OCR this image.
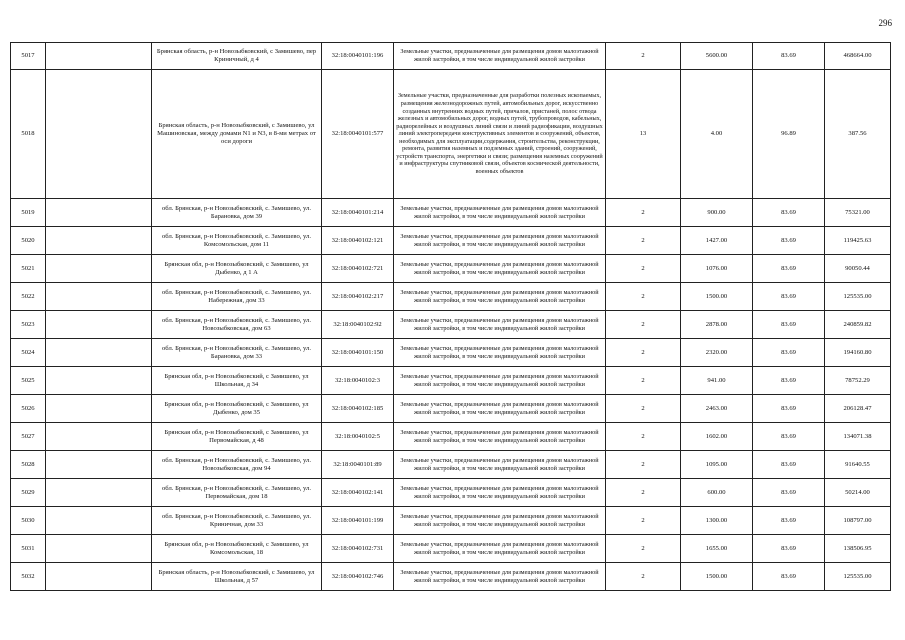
296
5017		Брянская область, р-н Новозыбковский, с Замишево, пер Криничный, д 4	32:18:0040101:196	Земельные участки, предназначенные для размещения домов малоэтажной жилой застройки, в том числе индивидуальной жилой застройки	2	5600.00	83.69	468664.00
5018		Брянская область, р-н Новозыбковский, с Замишево, ул Машиновская, между домами N1 и N3, в 8-ми метрах от оси дороги	32:18:0040101:577	Земельные участки, предназначенные для разработки полезных ископаемых, размещения железнодорожных путей, автомобильных дорог, искусственно созданных внутренних водных путей, причалов, пристаней, полос отвода железных и автомобильных дорог, водных путей, трубопроводов, кабельных, радиорелейных и воздушных линий связи и линий радиофикации, воздушных линий электропередачи конструктивных элементов и сооружений, объектов, необходимых для эксплуатации,содержания, строительства, реконструкции, ремонта, развития наземных и подземных зданий, строений, сооружений, устройств транспорта, энергетики и связи; размещения наземных сооружений и инфраструктуры спутниковой связи, объектов космической деятельности, военных объектов	13	4.00	96.89	387.56
5019		обл. Брянская, р-н Новозыбковский, с. Замишево, ул. Барановка, дом 39	32:18:0040101:214	Земельные участки, предназначенные для размещения домов малоэтажной жилой застройки, в том числе индивидуальной жилой застройки	2	900.00	83.69	75321.00
5020		обл. Брянская, р-н Новозыбковский, с. Замишево, ул. Комсомольская, дом 11	32:18:0040102:121	Земельные участки, предназначенные для размещения домов малоэтажной жилой застройки, в том числе индивидуальной жилой застройки	2	1427.00	83.69	119425.63
5021		Брянская обл, р-н Новозыбковский, с Замишево, ул Дыбенко, д 1 А	32:18:0040102:721	Земельные участки, предназначенные для размещения домов малоэтажной жилой застройки, в том числе индивидуальной жилой застройки	2	1076.00	83.69	90050.44
5022		обл. Брянская, р-н Новозыбковский, с. Замишево, ул. Набережная, дом 33	32:18:0040102:217	Земельные участки, предназначенные для размещения домов малоэтажной жилой застройки, в том числе индивидуальной жилой застройки	2	1500.00	83.69	125535.00
5023		обл. Брянская, р-н Новозыбковский, с. Замишево, ул. Новозыбковская, дом 63	32:18:0040102:92	Земельные участки, предназначенные для размещения домов малоэтажной жилой застройки, в том числе индивидуальной жилой застройки	2	2878.00	83.69	240859.82
5024		обл. Брянская, р-н Новозыбковский, с. Замишево, ул. Барановка, дом 33	32:18:0040101:150	Земельные участки, предназначенные для размещения домов малоэтажной жилой застройки, в том числе индивидуальной жилой застройки	2	2320.00	83.69	194160.80
5025		Брянская обл, р-н Новозыбковский, с Замишево, ул Школьная, д 34	32:18:0040102:3	Земельные участки, предназначенные для размещения домов малоэтажной жилой застройки, в том числе индивидуальной жилой застройки	2	941.00	83.69	78752.29
5026		Брянская обл, р-н Новозыбковский, с Замишево, ул Дыбенко, дом 35	32:18:0040102:185	Земельные участки, предназначенные для размещения домов малоэтажной жилой застройки, в том числе индивидуальной жилой застройки	2	2463.00	83.69	206128.47
5027		Брянская обл, р-н Новозыбковский, с Замишево, ул Первомайская, д 48	32:18:0040102:5	Земельные участки, предназначенные для размещения домов малоэтажной жилой застройки, в том числе индивидуальной жилой застройки	2	1602.00	83.69	134071.38
5028		обл. Брянская, р-н Новозыбковский, с. Замишево, ул. Новозыбковская, дом 94	32:18:0040101:89	Земельные участки, предназначенные для размещения домов малоэтажной жилой застройки, в том числе индивидуальной жилой застройки	2	1095.00	83.69	91640.55
5029		обл. Брянская, р-н Новозыбковский, с. Замишево, ул. Первомайская, дом 18	32:18:0040102:141	Земельные участки, предназначенные для размещения домов малоэтажной жилой застройки, в том числе индивидуальной жилой застройки	2	600.00	83.69	50214.00
5030		обл. Брянская, р-н Новозыбковский, с. Замишево, ул. Криничная, дом 33	32:18:0040101:199	Земельные участки, предназначенные для размещения домов малоэтажной жилой застройки, в том числе индивидуальной жилой застройки	2	1300.00	83.69	108797.00
5031		Брянская обл, р-н Новозыбковский, с Замишево, ул Комсомольская, 18	32:18:0040102:731	Земельные участки, предназначенные для размещения домов малоэтажной жилой застройки, в том числе индивидуальной жилой застройки	2	1655.00	83.69	138506.95
5032		Брянская область, р-н Новозыбковский, с Замишево, ул Школьная, д 57	32:18:0040102:746	Земельные участки, предназначенные для размещения домов малоэтажной жилой застройки, в том числе индивидуальной жилой застройки	2	1500.00	83.69	125535.00
